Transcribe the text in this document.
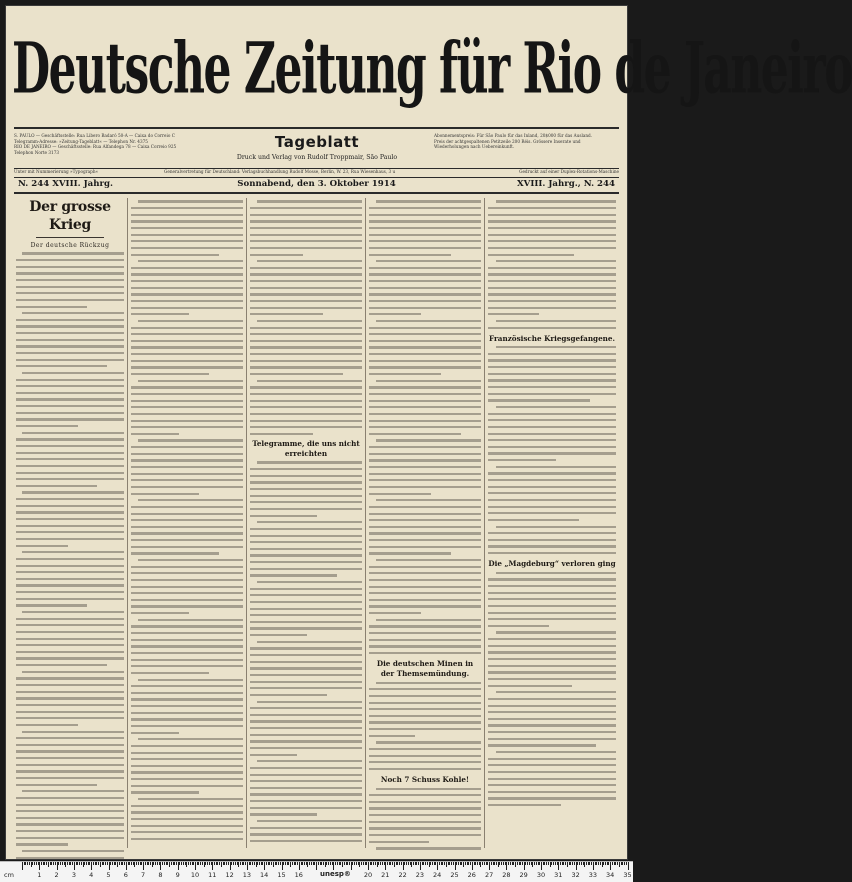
Deutsche Zeitung für Rio de Janeiro
S. PAULO — Geschäftsstelle: Rua Libero Badaró 50-A — Caixa do Correio C
Telegramm-Adresse: »Zeitung-Tageblatt« — Telephon Nr. 4375
RIO DE JANEIRO — Geschäftsstelle: Rua Alfandega 78 — Caixa Correio 925
Telephon Norte 3173
Tageblatt
Druck und Verlag von Rudolf Troppmair, São Paulo
Abonnementspreis: Für São Paulo für das Inland, 20$000 für das Ausland.
Preis der achtgespaltenen Petitzeile 200 Réis. Grössere Inserate und
Wiederholungen nach Uebereinkunft.
Unter mit Nummerierung »Typograph«	Generalvertretung für Deutschland: Verlagsbuchhandlung Rudolf Mosse, Berlin, W. 23, Rua Wiesenhaus, 3 u	Gedruckt auf einer Duplex-Rotations-Maschine
N. 244 XVIII. Jahrg.	Sonnabend, den 3. Oktober 1914	XVIII. Jahrg., N. 244
Der grosse Krieg
Der deutsche Rückzug
Telegramme, die uns nicht erreichten
Die deutschen Minen in der Themsemündung.
Noch 7 Schuss Kohle!
Französische Kriegsgefangene.
Die „Magdeburg“ verloren ging
cm	unesp®
1 2 3 4 5 6 7 8 9 10 11 12 13 14 15 16	20 21 22 23 24 25 26 27 28 29 30 31 32 33 34 35
